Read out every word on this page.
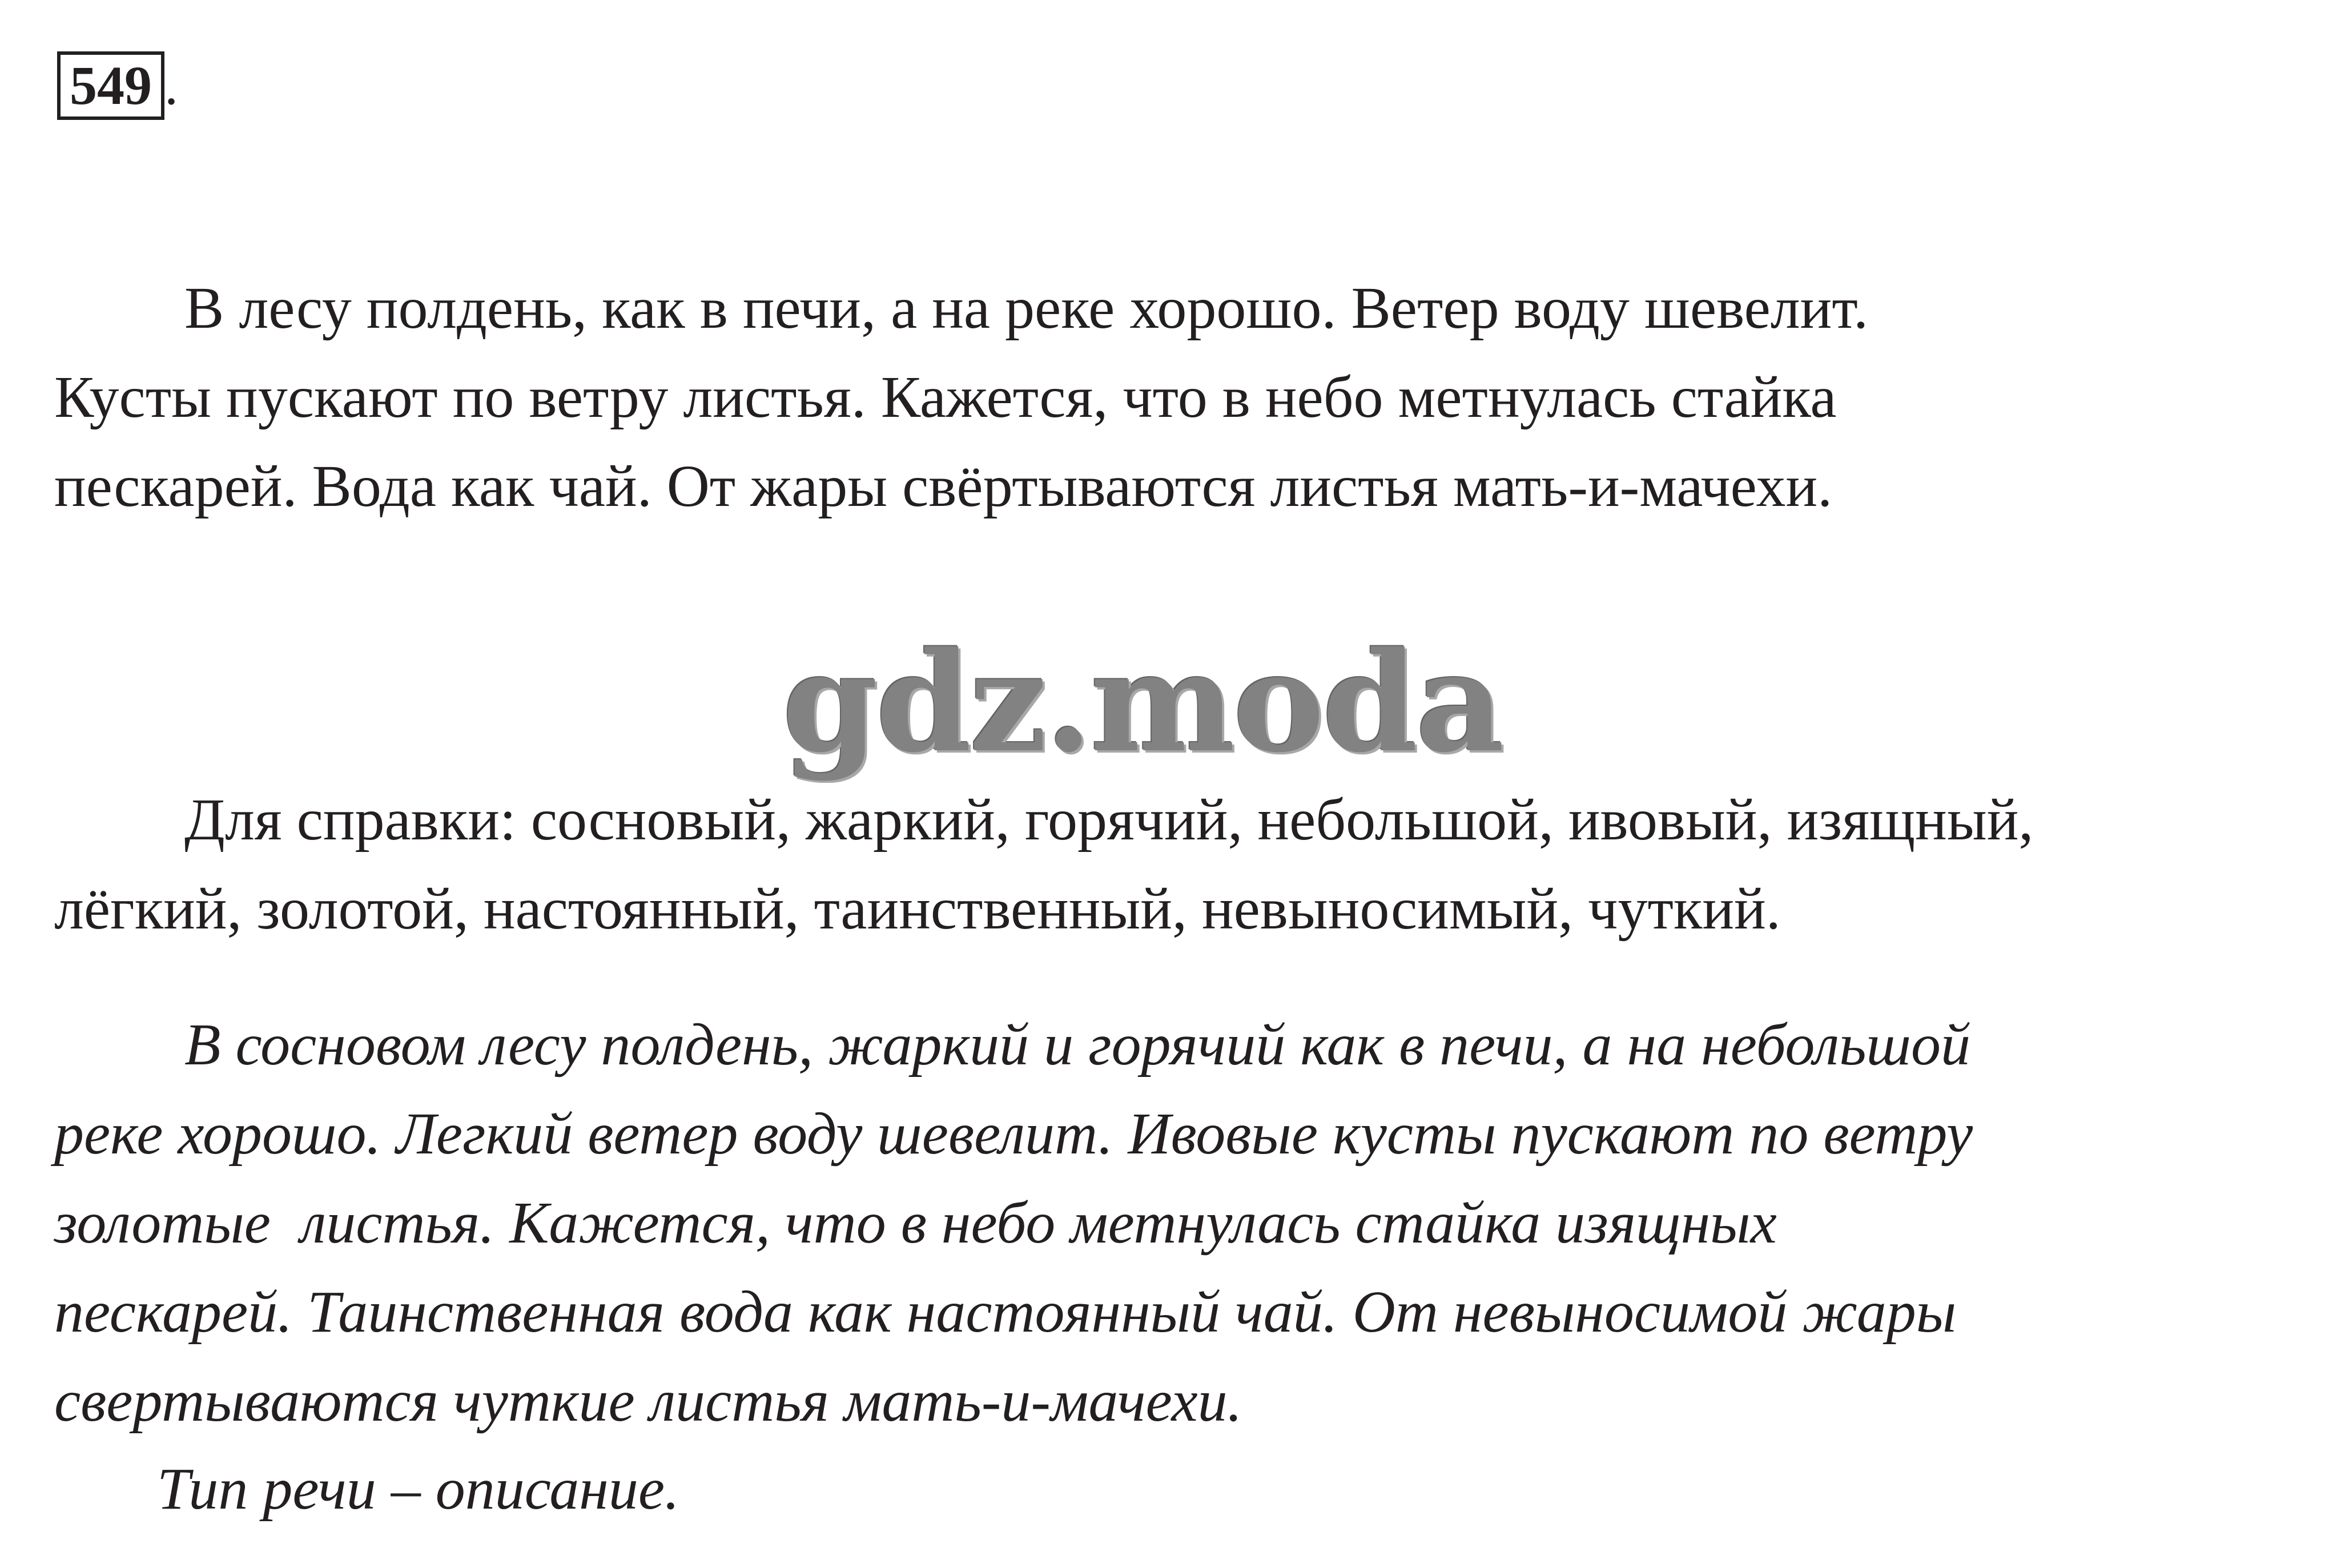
549 .
В лесу полдень, как в печи, а на реке хорошо. Ветер воду шевелит.
Кусты пускают по ветру листья. Кажется, что в небо метнулась стайка
пескарей. Вода как чай. От жары свёртываются листья мать-и-мачехи.
gdz.moda
Для справки: сосновый, жаркий, горячий, небольшой, ивовый, изящный,
лёгкий, золотой, настоянный, таинственный, невыносимый, чуткий.
В сосновом лесу полдень, жаркий и горячий как в печи, а на небольшой
реке хорошо. Легкий ветер воду шевелит. Ивовые кусты пускают по ветру
золотые  листья. Кажется, что в небо метнулась стайка изящных
пескарей. Таинственная вода как настоянный чай. От невыносимой жары
свертываются чуткие листья мать-и-мачехи.
Тип речи – описание.
